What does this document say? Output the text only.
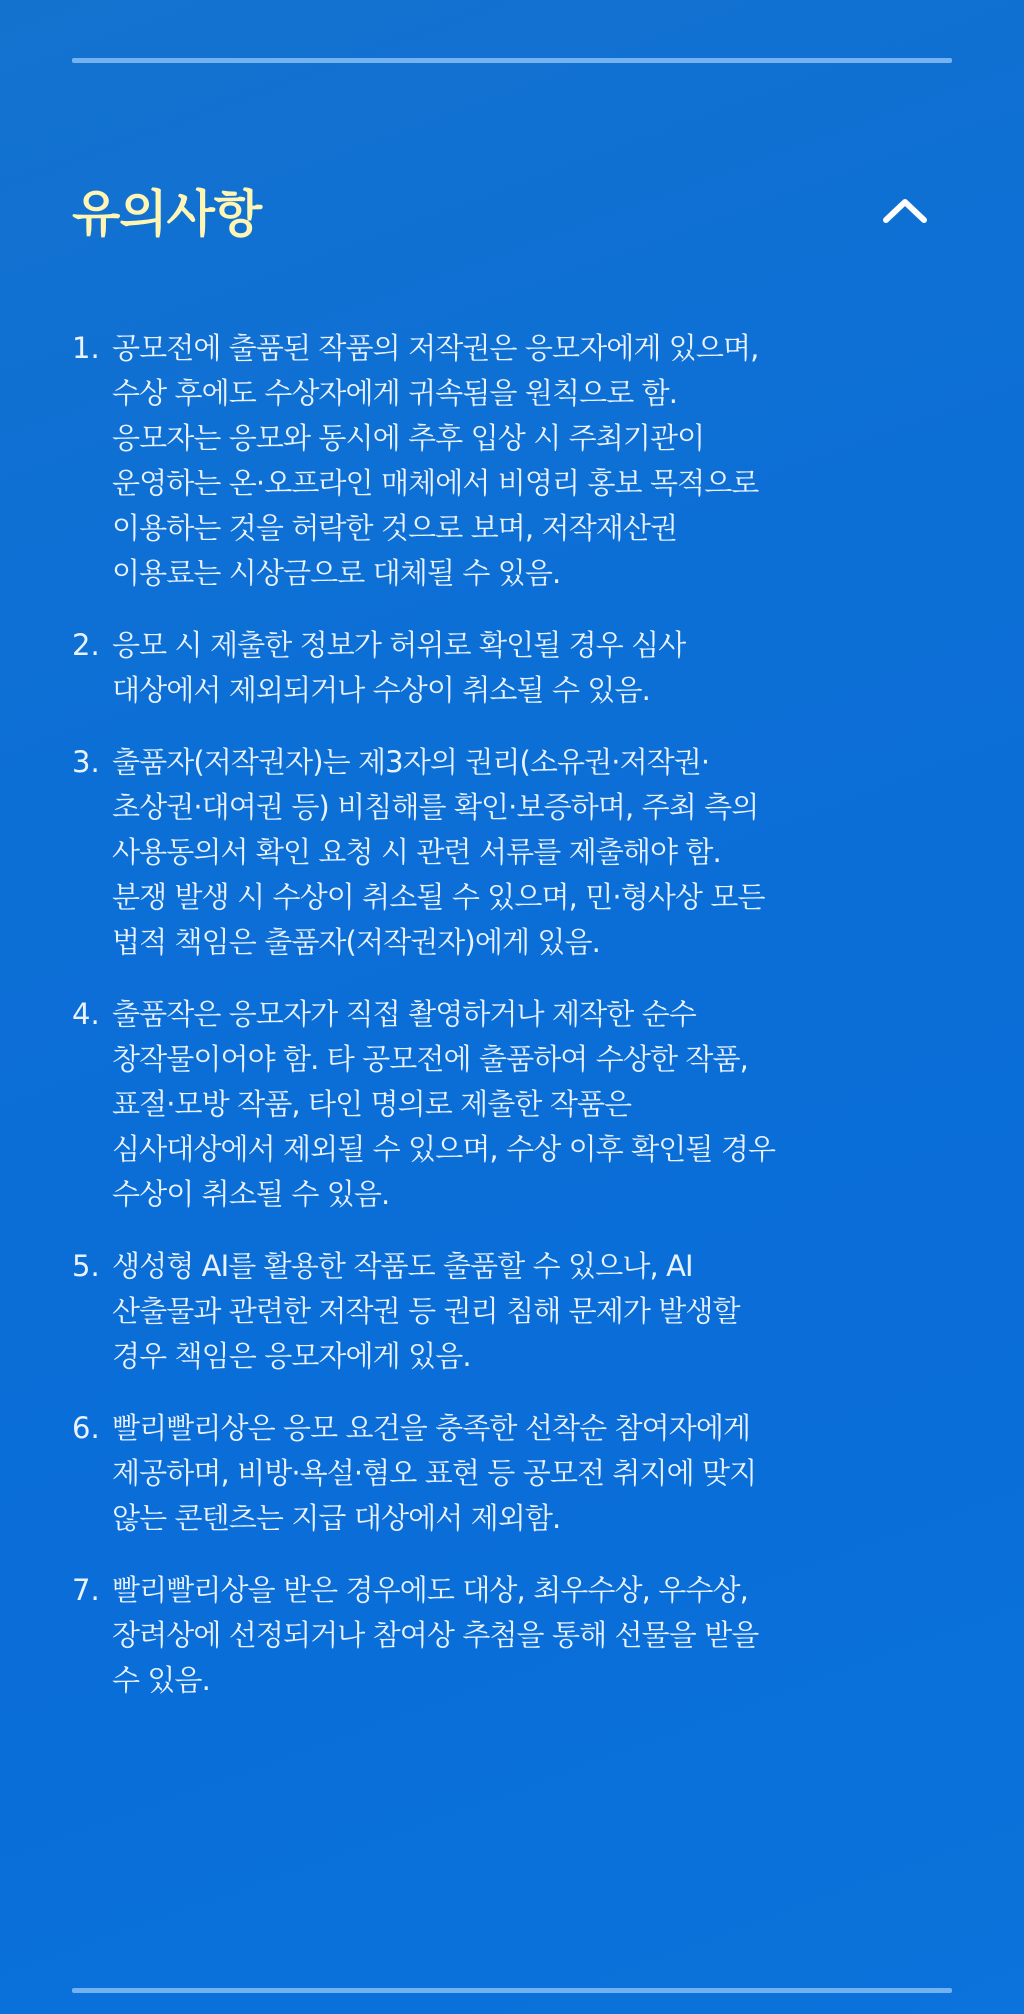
유의사항
1. 공모전에 출품된 작품의 저작권은 응모자에게 있으며,
수상 후에도 수상자에게 귀속됨을 원칙으로 함.
응모자는 응모와 동시에 추후 입상 시 주최기관이
운영하는 온·오프라인 매체에서 비영리 홍보 목적으로
이용하는 것을 허락한 것으로 보며, 저작재산권
이용료는 시상금으로 대체될 수 있음.
2. 응모 시 제출한 정보가 허위로 확인될 경우 심사
대상에서 제외되거나 수상이 취소될 수 있음.
3. 출품자(저작권자)는 제3자의 권리(소유권·저작권·
초상권·대여권 등) 비침해를 확인·보증하며, 주최 측의
사용동의서 확인 요청 시 관련 서류를 제출해야 함.
분쟁 발생 시 수상이 취소될 수 있으며, 민·형사상 모든
법적 책임은 출품자(저작권자)에게 있음.
4. 출품작은 응모자가 직접 촬영하거나 제작한 순수
창작물이어야 함. 타 공모전에 출품하여 수상한 작품,
표절·모방 작품, 타인 명의로 제출한 작품은
심사대상에서 제외될 수 있으며, 수상 이후 확인될 경우
수상이 취소될 수 있음.
5. 생성형 AI를 활용한 작품도 출품할 수 있으나, AI
산출물과 관련한 저작권 등 권리 침해 문제가 발생할
경우 책임은 응모자에게 있음.
6. 빨리빨리상은 응모 요건을 충족한 선착순 참여자에게
제공하며, 비방·욕설·혐오 표현 등 공모전 취지에 맞지
않는 콘텐츠는 지급 대상에서 제외함.
7. 빨리빨리상을 받은 경우에도 대상, 최우수상, 우수상,
장려상에 선정되거나 참여상 추첨을 통해 선물을 받을
수 있음.
